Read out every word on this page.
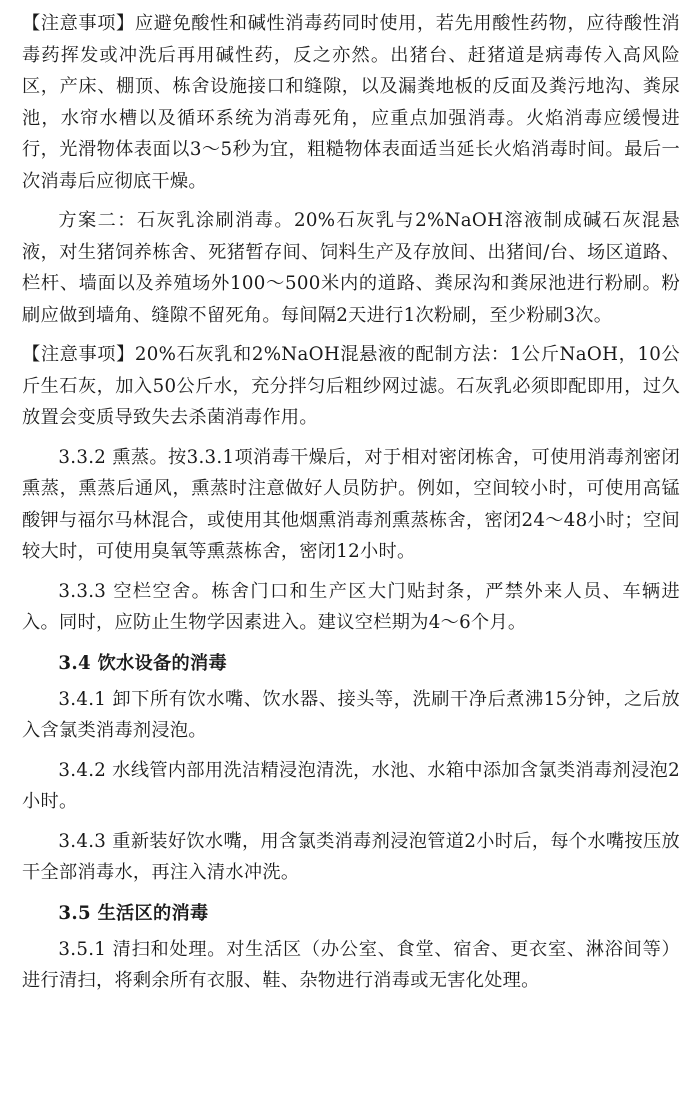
【注意事项】应避免酸性和碱性消毒药同时使用，若先用酸性药物，应待酸性消毒药挥发或冲洗后再用碱性药，反之亦然。出猪台、赶猪道是病毒传入高风险区，产床、棚顶、栋舍设施接口和缝隙，以及漏粪地板的反面及粪污地沟、粪尿池，水帘水槽以及循环系统为消毒死角，应重点加强消毒。火焰消毒应缓慢进行，光滑物体表面以3～5秒为宜，粗糙物体表面适当延长火焰消毒时间。最后一次消毒后应彻底干燥。

方案二：石灰乳涂刷消毒。20%石灰乳与2%NaOH溶液制成碱石灰混悬液，对生猪饲养栋舍、死猪暂存间、饲料生产及存放间、出猪间/台、场区道路、栏杆、墙面以及养殖场外100～500米内的道路、粪尿沟和粪尿池进行粉刷。粉刷应做到墙角、缝隙不留死角。每间隔2天进行1次粉刷，至少粉刷3次。

【注意事项】20%石灰乳和2%NaOH混悬液的配制方法：1公斤NaOH，10公斤生石灰，加入50公斤水，充分拌匀后粗纱网过滤。石灰乳必须即配即用，过久放置会变质导致失去杀菌消毒作用。

3.3.2 熏蒸。按3.3.1项消毒干燥后，对于相对密闭栋舍，可使用消毒剂密闭熏蒸，熏蒸后通风，熏蒸时注意做好人员防护。例如，空间较小时，可使用高锰酸钾与福尔马林混合，或使用其他烟熏消毒剂熏蒸栋舍，密闭24～48小时；空间较大时，可使用臭氧等熏蒸栋舍，密闭12小时。

3.3.3 空栏空舍。栋舍门口和生产区大门贴封条，严禁外来人员、车辆进入。同时，应防止生物学因素进入。建议空栏期为4～6个月。

3.4 饮水设备的消毒

3.4.1 卸下所有饮水嘴、饮水器、接头等，洗刷干净后煮沸15分钟，之后放入含氯类消毒剂浸泡。

3.4.2 水线管内部用洗洁精浸泡清洗，水池、水箱中添加含氯类消毒剂浸泡2小时。

3.4.3 重新装好饮水嘴，用含氯类消毒剂浸泡管道2小时后，每个水嘴按压放干全部消毒水，再注入清水冲洗。

3.5 生活区的消毒

3.5.1 清扫和处理。对生活区（办公室、食堂、宿舍、更衣室、淋浴间等）进行清扫，将剩余所有衣服、鞋、杂物进行消毒或无害化处理。
